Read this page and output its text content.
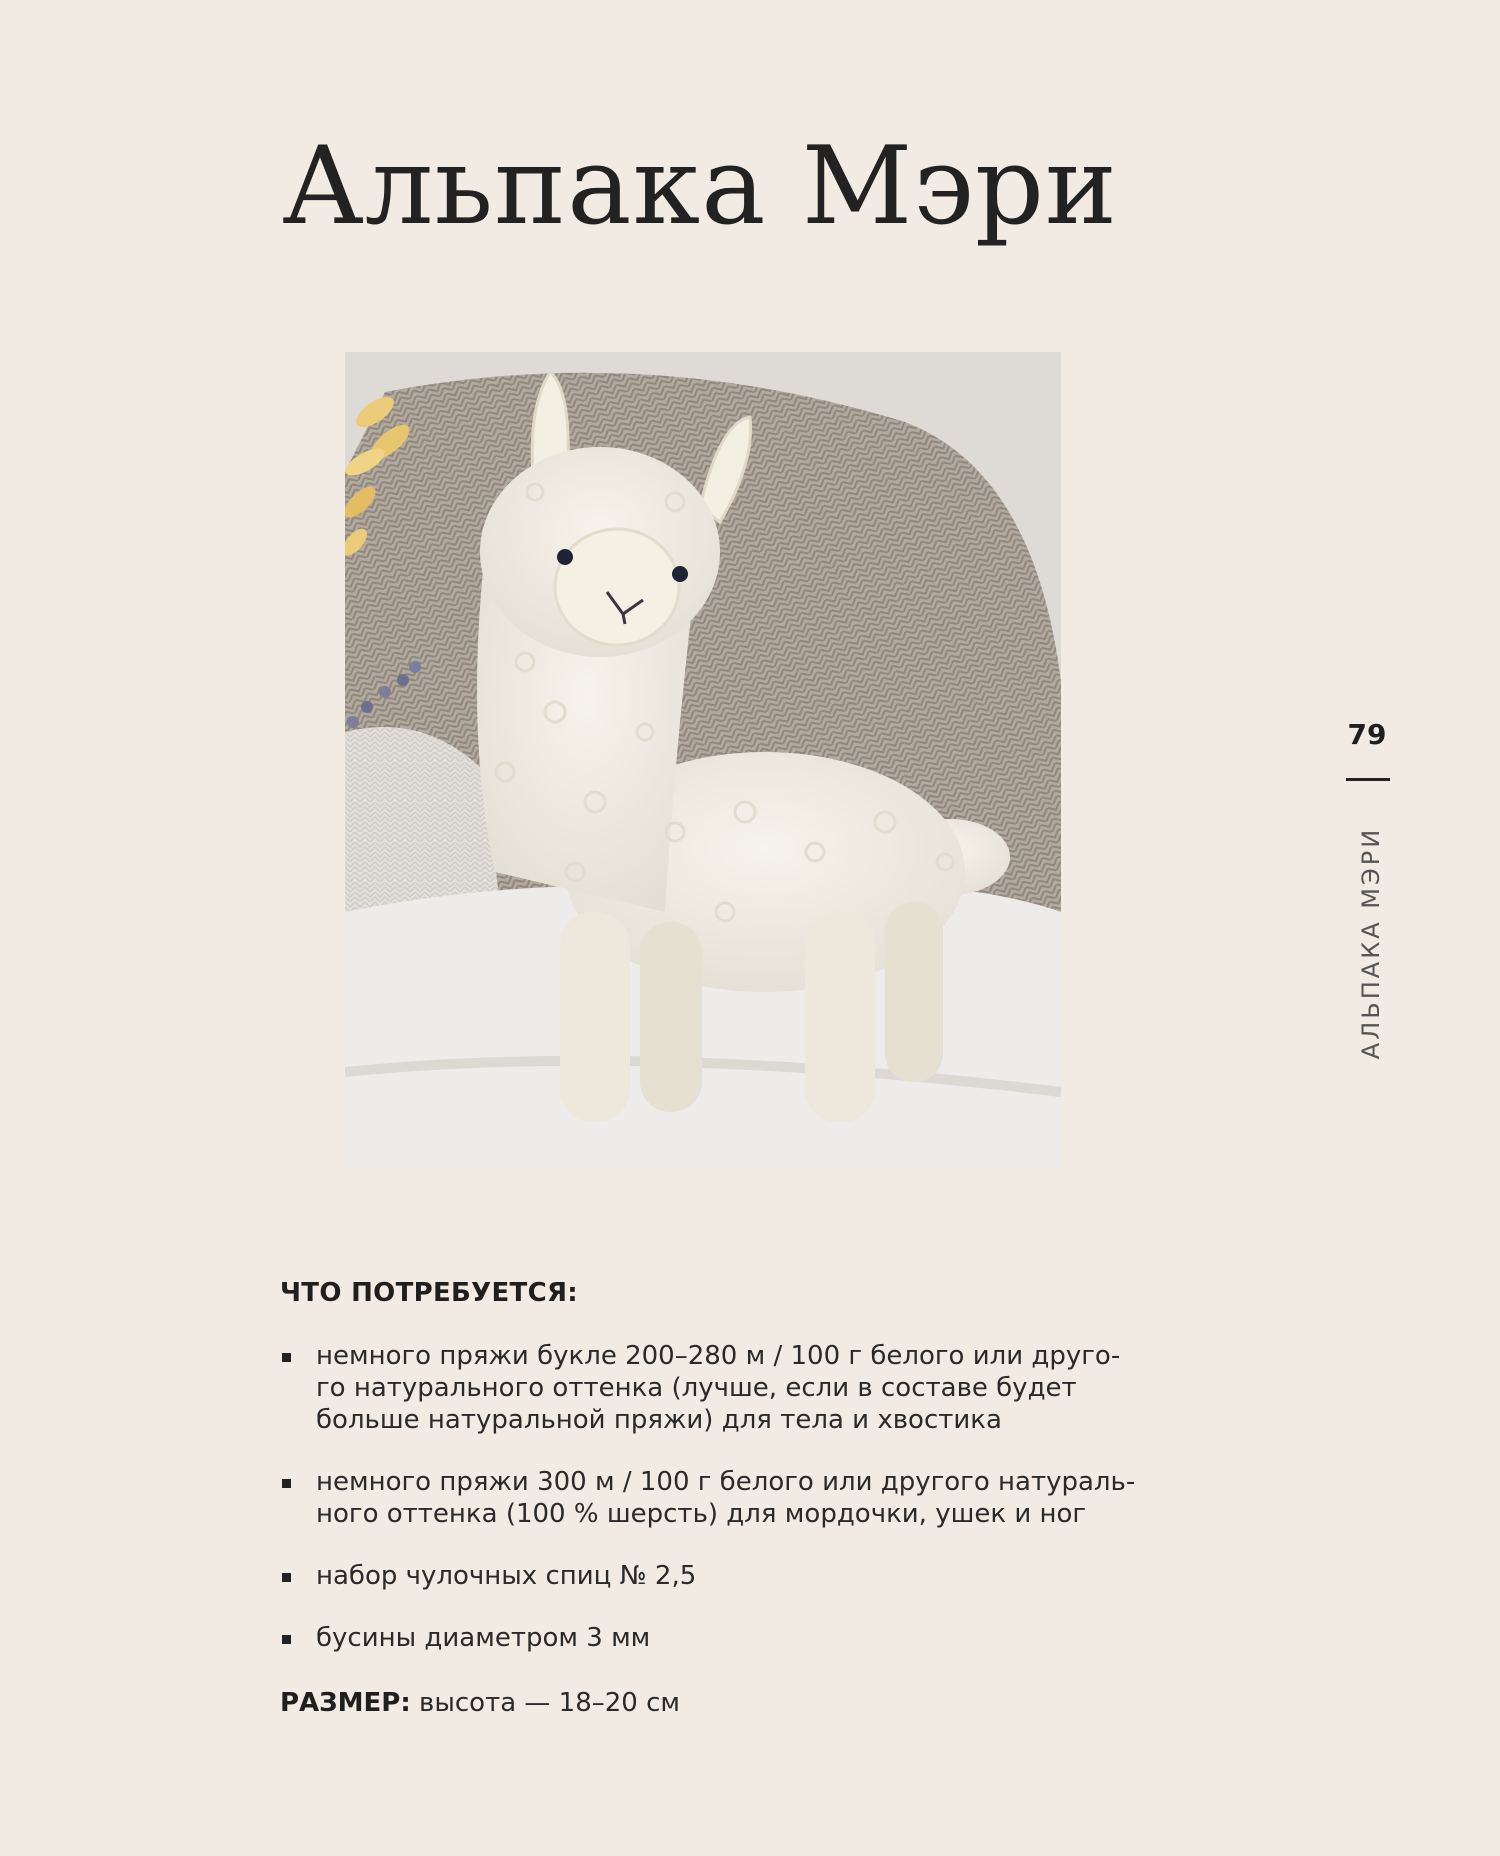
Альпака Мэри
ЧТО ПОТРЕБУЕТСЯ:
немного пряжи букле 200–280 м / 100 г белого или друго-
го натурального оттенка (лучше, если в составе будет
больше натуральной пряжи) для тела и хвостика
немного пряжи 300 м / 100 г белого или другого натураль-
ного оттенка (100 % шерсть) для мордочки, ушек и ног
набор чулочных спиц № 2,5
бусины диаметром 3 мм
РАЗМЕР: высота — 18–20 см
79
АЛЬПАКА МЭРИ
